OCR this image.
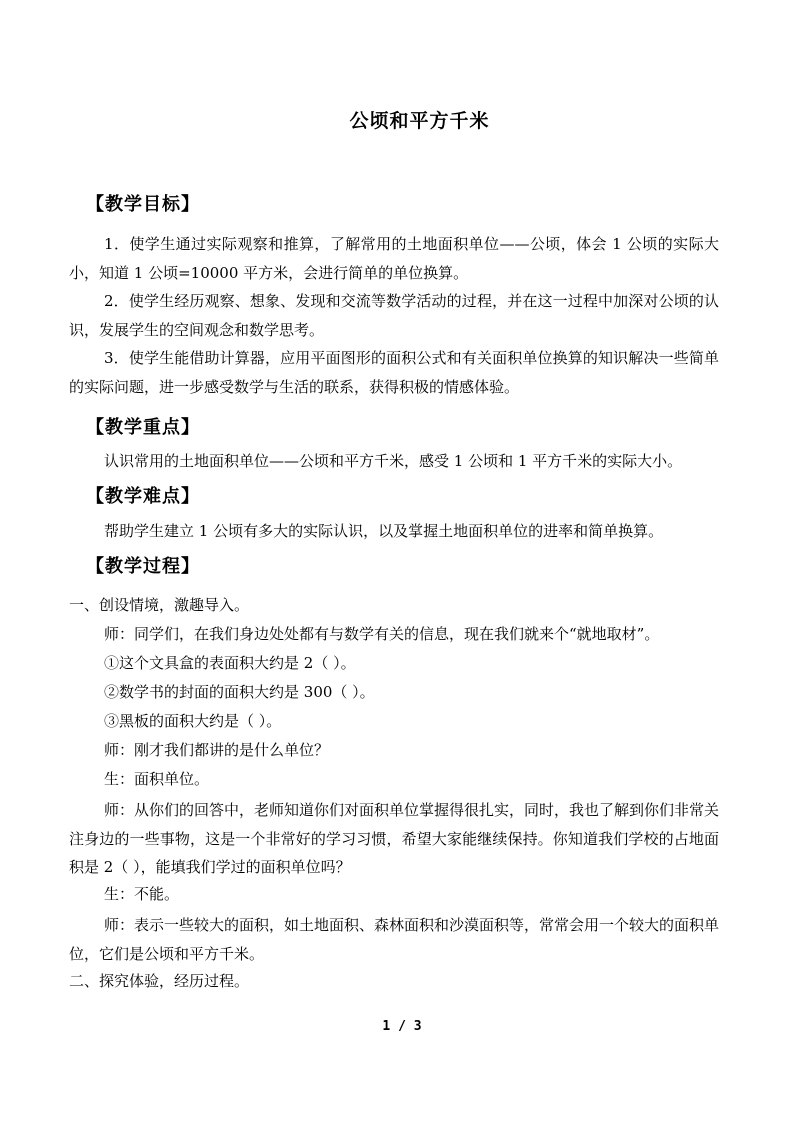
公顷和平方千米
【教学目标】
1．使学生通过实际观察和推算，了解常用的土地面积单位——公顷，体会 1 公顷的实际大小，知道 1 公顷=10000 平方米，会进行简单的单位换算。
2．使学生经历观察、想象、发现和交流等数学活动的过程，并在这一过程中加深对公顷的认识，发展学生的空间观念和数学思考。
3．使学生能借助计算器，应用平面图形的面积公式和有关面积单位换算的知识解决一些简单的实际问题，进一步感受数学与生活的联系，获得积极的情感体验。
【教学重点】
认识常用的土地面积单位——公顷和平方千米，感受 1 公顷和 1 平方千米的实际大小。
【教学难点】
帮助学生建立 1 公顷有多大的实际认识，以及掌握土地面积单位的进率和简单换算。
【教学过程】
一、创设情境，激趣导入。
师：同学们，在我们身边处处都有与数学有关的信息，现在我们就来个“就地取材”。
①这个文具盒的表面积大约是 2（ ）。
②数学书的封面的面积大约是 300（ ）。
③黑板的面积大约是（ ）。
师：刚才我们都讲的是什么单位？
生：面积单位。
师：从你们的回答中，老师知道你们对面积单位掌握得很扎实，同时，我也了解到你们非常关注身边的一些事物，这是一个非常好的学习习惯，希望大家能继续保持。你知道我们学校的占地面积是 2（ ），能填我们学过的面积单位吗？
生：不能。
师：表示一些较大的面积，如土地面积、森林面积和沙漠面积等，常常会用一个较大的面积单位，它们是公顷和平方千米。
二、探究体验，经历过程。
1 / 3
